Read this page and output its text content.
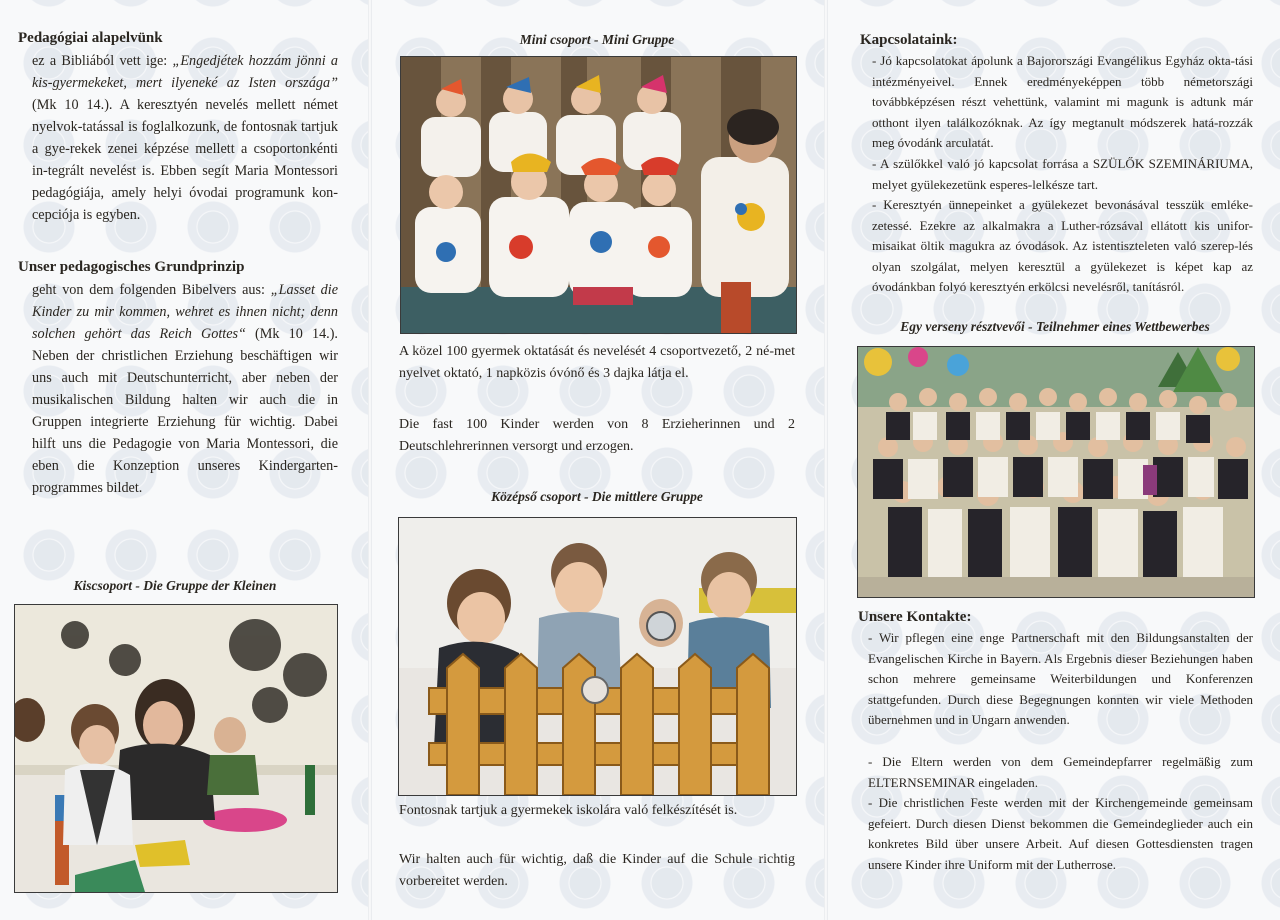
Pedagógiai alapelvünk
ez a Bibliából vett ige: „Engedjétek hozzám jönni a kis-gyermekeket, mert ilyeneké az Isten országa” (Mk 10 14.). A keresztyén nevelés mellett német nyelvok-tatással is foglalkozunk, de fontosnak tartjuk a gye-rekek zenei képzése mellett a csoportonkénti in-tegrált nevelést is. Ebben segít Maria Montessori pedagógiája, amely helyi óvodai programunk kon-cepciója is egyben.
Unser pedagogisches Grundprinzip
geht von dem folgenden Bibelvers aus: „Lasset die Kinder zu mir kommen, wehret es ihnen nicht; denn solchen gehört das Reich Gottes“ (Mk 10 14.). Neben der christlichen Erziehung beschäftigen wir uns auch mit Deutschunterricht, aber neben der musikalischen Bildung halten wir auch die in Gruppen integrierte Erziehung für wichtig. Dabei hilft uns die Pedagogie von Maria Montessori, die eben die Konzeption unseres Kindergarten-programmes bildet.
Kiscsoport - Die Gruppe der Kleinen
Mini csoport - Mini Gruppe
A közel 100 gyermek oktatását és nevelését 4 csoportvezető, 2 né-met nyelvet oktató, 1 napközis óvónő és 3 dajka látja el.
Die fast 100 Kinder werden von 8 Erzieherinnen und 2 Deutschlehrerinnen versorgt und erzogen.
Középső csoport - Die mittlere Gruppe
Fontosnak tartjuk a gyermekek iskolára való felkészítését is.
Wir halten auch für wichtig, daß die Kinder auf die Schule richtig vorbereitet werden.
Kapcsolataink:
- Jó kapcsolatokat ápolunk a Bajorországi Evangélikus Egyház okta-tási intézményeivel. Ennek eredményeképpen több németországi továbbképzésen részt vehettünk, valamint mi magunk is adtunk már otthont ilyen találkozóknak. Az így megtanult módszerek hatá-rozzák meg óvodánk arculatát.
- A szülőkkel való jó kapcsolat forrása a SZÜLŐK SZEMINÁRIUMA, melyet gyülekezetünk esperes-lelkésze tart.
- Keresztyén ünnepeinket a gyülekezet bevonásával tesszük emléke-zetessé. Ezekre az alkalmakra a Luther-rózsával ellátott kis unifor-misaikat öltik magukra az óvodások. Az istentiszteleten való szerep-lés olyan szolgálat, melyen keresztül a gyülekezet is képet kap az óvodánkban folyó keresztyén erkölcsi nevelésről, tanításról.
Egy verseny résztvevői - Teilnehmer eines Wettbewerbes
Unsere Kontakte:
- Wir pflegen eine enge Partnerschaft mit den Bildungsanstalten der Evangelischen Kirche in Bayern. Als Ergebnis dieser Beziehungen haben schon mehrere gemeinsame Weiterbildungen und Konferenzen stattgefunden. Durch diese Begegnungen konnten wir viele Methoden übernehmen und in Ungarn anwenden.
- Die Eltern werden von dem Gemeindepfarrer regelmäßig zum ELTERNSEMINAR eingeladen.
- Die christlichen Feste werden mit der Kirchengemeinde gemeinsam gefeiert. Durch diesen Dienst bekommen die Gemeindeglieder auch ein konkretes Bild über unsere Arbeit. Auf diesen Gottesdiensten tragen unsere Kinder ihre Uniform mit der Lutherrose.
